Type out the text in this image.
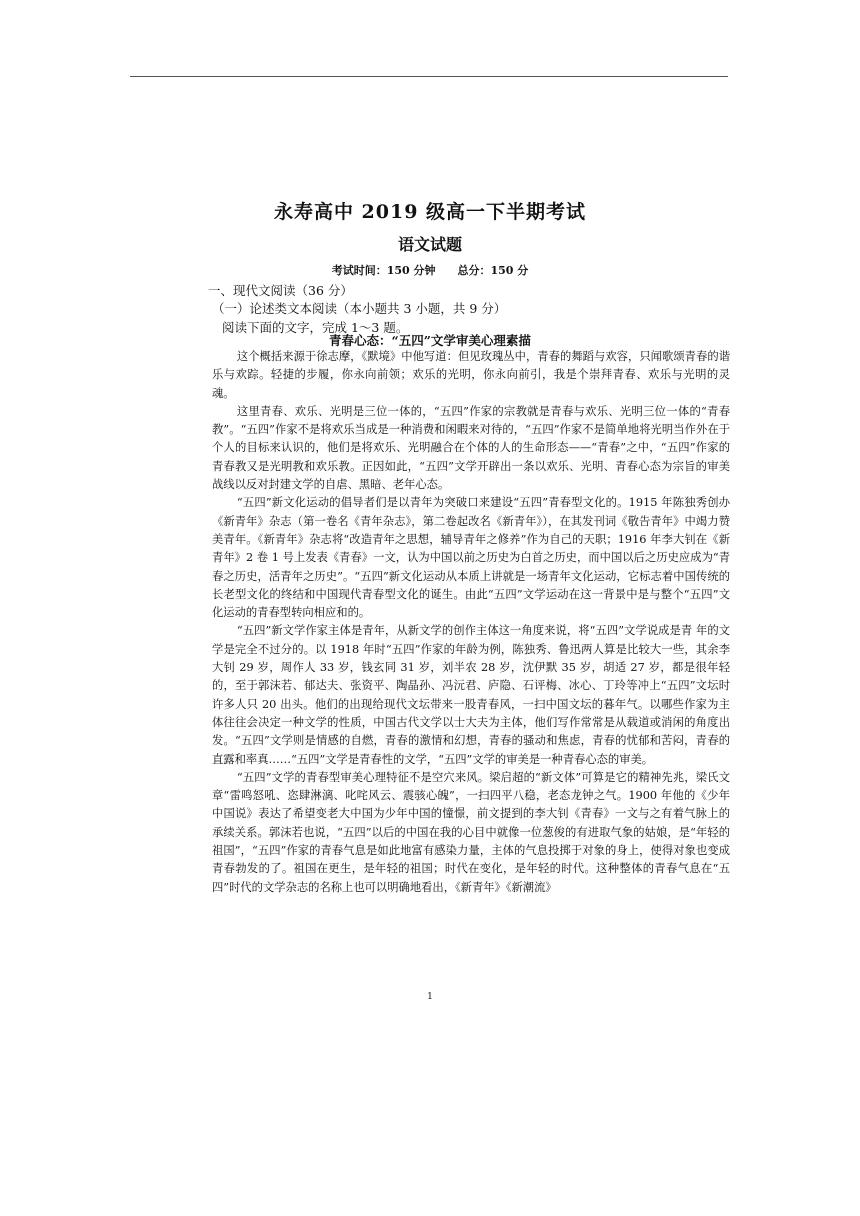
永寿高中 2019 级高一下半期考试
语文试题
考试时间：150 分钟 总分：150 分
一、现代文阅读（36 分）
（一）论述类文本阅读（本小题共 3 小题，共 9 分）
阅读下面的文字，完成 1～3 题。
青春心态：“五四”文学审美心理素描

这个概括来源于徐志摩，《默境》中他写道：但见玫瑰丛中，青春的舞蹈与欢容，只闻歌颂青春的谐乐与欢踪。轻捷的步履，你永向前领；欢乐的光明，你永向前引，我是个崇拜青春、欢乐与光明的灵魂。

这里青春、欢乐、光明是三位一体的，“五四”作家的宗教就是青春与欢乐、光明三位一体的“青春教”。“五四”作家不是将欢乐当成是一种消费和闲暇来对待的，“五四”作家不是简单地将光明当作外在于个人的目标来认识的，他们是将欢乐、光明融合在个体的人的生命形态——“青春”之中，“五四”作家的青春教又是光明教和欢乐教。正因如此，“五四”文学开辟出一条以欢乐、光明、青春心态为宗旨的审美战线以反对封建文学的自虐、黑暗、老年心态。

“五四”新文化运动的倡导者们是以青年为突破口来建设“五四”青春型文化的。1915 年陈独秀创办《新青年》杂志（第一卷名《青年杂志》，第二卷起改名《新青年》），在其发刊词《敬告青年》中竭力赞美青年。《新青年》杂志将“改造青年之思想，辅导青年之修养”作为自己的天职；1916 年李大钊在《新青年》2 卷 1 号上发表《青春》一文，认为中国以前之历史为白首之历史，而中国以后之历史应成为“青春之历史，活青年之历史”。“五四”新文化运动从本质上讲就是一场青年文化运动，它标志着中国传统的长老型文化的终结和中国现代青春型文化的诞生。由此“五四”文学运动在这一背景中是与整个“五四”文化运动的青春型转向相应和的。

“五四”新文学作家主体是青年，从新文学的创作主体这一角度来说，将“五四”文学说成是青 年的文学是完全不过分的。以 1918 年时“五四”作家的年龄为例，陈独秀、鲁迅两人算是比较大一些，其余李大钊 29 岁，周作人 33 岁，钱玄同 31 岁，刘半农 28 岁，沈伊默 35 岁，胡适 27 岁，都是很年轻的，至于郭沫若、郁达夫、张资平、陶晶孙、冯沅君、庐隐、石评梅、冰心、丁玲等冲上“五四”文坛时许多人只 20 出头。他们的出现给现代文坛带来一股青春风，一扫中国文坛的暮年气。以哪些作家为主体往往会决定一种文学的性质，中国古代文学以士大夫为主体，他们写作常常是从载道或消闲的角度出发。“五四”文学则是情感的自燃，青春的激情和幻想，青春的骚动和焦虑，青春的忧郁和苦闷，青春的直露和率真……“五四”文学是青春性的文学，“五四”文学的审美是一种青春心态的审美。

“五四”文学的青春型审美心理特征不是空穴来风。梁启超的“新文体”可算是它的精神先兆，梁氏文章“雷鸣怒吼、恣肆淋漓、叱咤风云、震骇心魄”，一扫四平八稳，老态龙钟之气。1900 年他的《少年中国说》表达了希望变老大中国为少年中国的憧憬，前文提到的李大钊《青春》一文与之有着气脉上的承续关系。郭沫若也说，“五四”以后的中国在我的心目中就像一位葱俊的有进取气象的姑娘，是“年轻的祖国”，“五四”作家的青春气息是如此地富有感染力量，主体的气息投掷于对象的身上，使得对象也变成青春勃发的了。祖国在更生，是年轻的祖国；时代在变化，是年轻的时代。这种整体的青春气息在“五四”时代的文学杂志的名称上也可以明确地看出，《新青年》《新潮流》

1
